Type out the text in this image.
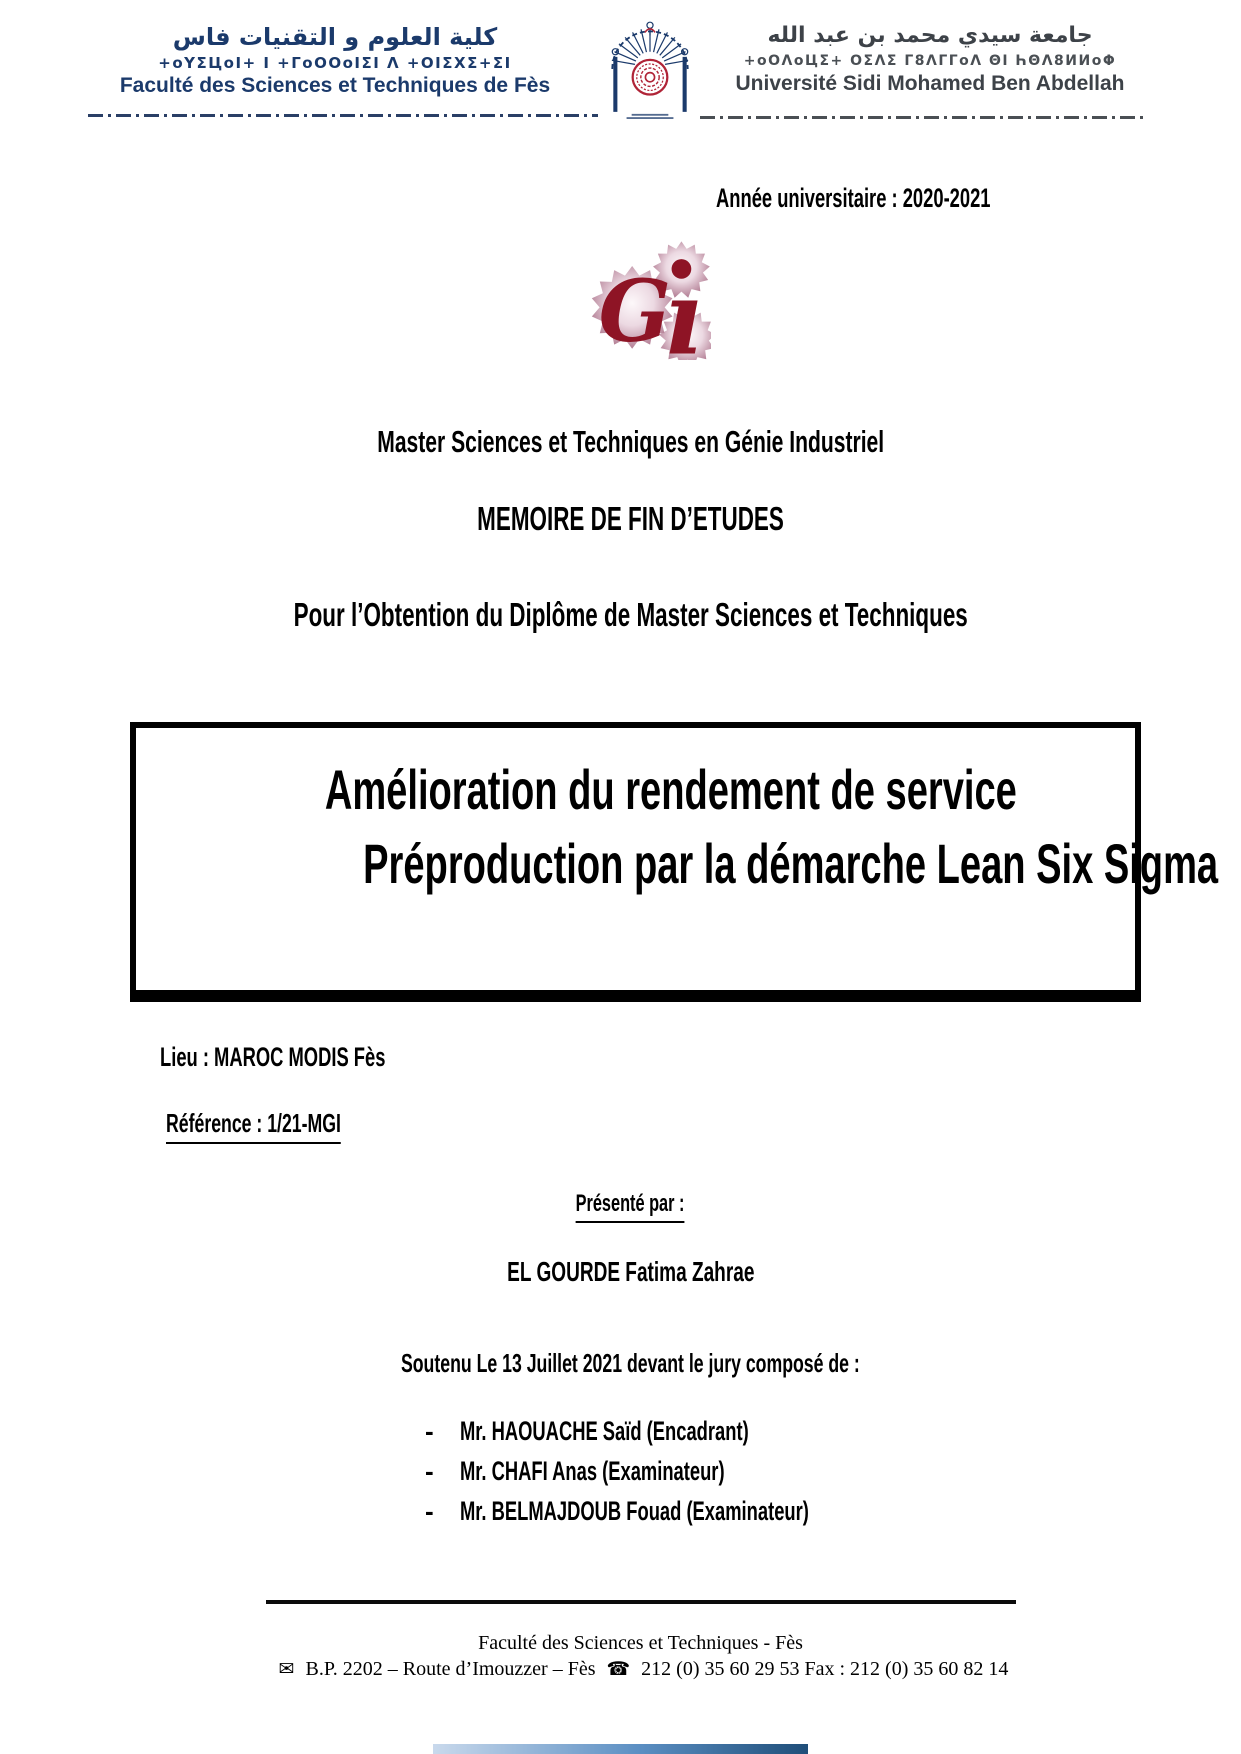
كلية العلوم و التقنيات فاس
+oYΣЦoI+ I +ΓoOOoIΣI Λ +OIΣXΣ+ΣI
Faculté des Sciences et Techniques de Fès
جامعة سيدي محمد بن عبد الله
+oOΛoЦΣ+ OΣΛΣ Γ8ΛΓΓoΛ ΘI ҺΘΛ8ИИoΦ
Université Sidi Mohamed Ben Abdellah
Année universitaire : 2020-2021
G
ı
Master Sciences et Techniques en Génie Industriel
MEMOIRE DE FIN D’ETUDES
Pour l’Obtention du Diplôme de Master Sciences et Techniques
Amélioration du rendement de service
Préproduction par la démarche Lean Six Sigma
Lieu : MAROC MODIS Fès
Référence : 1/21-MGI
Présenté par :
EL GOURDE Fatima Zahrae
Soutenu Le 13 Juillet 2021 devant le jury composé de :
- Mr. HAOUACHE Saïd (Encadrant)
- Mr. CHAFI Anas (Examinateur)
- Mr. BELMAJDOUB Fouad (Examinateur)
Faculté des Sciences et Techniques - Fès
✉ B.P. 2202 – Route d’Imouzzer – Fès ☎ 212 (0) 35 60 29 53 Fax : 212 (0) 35 60 82 14
